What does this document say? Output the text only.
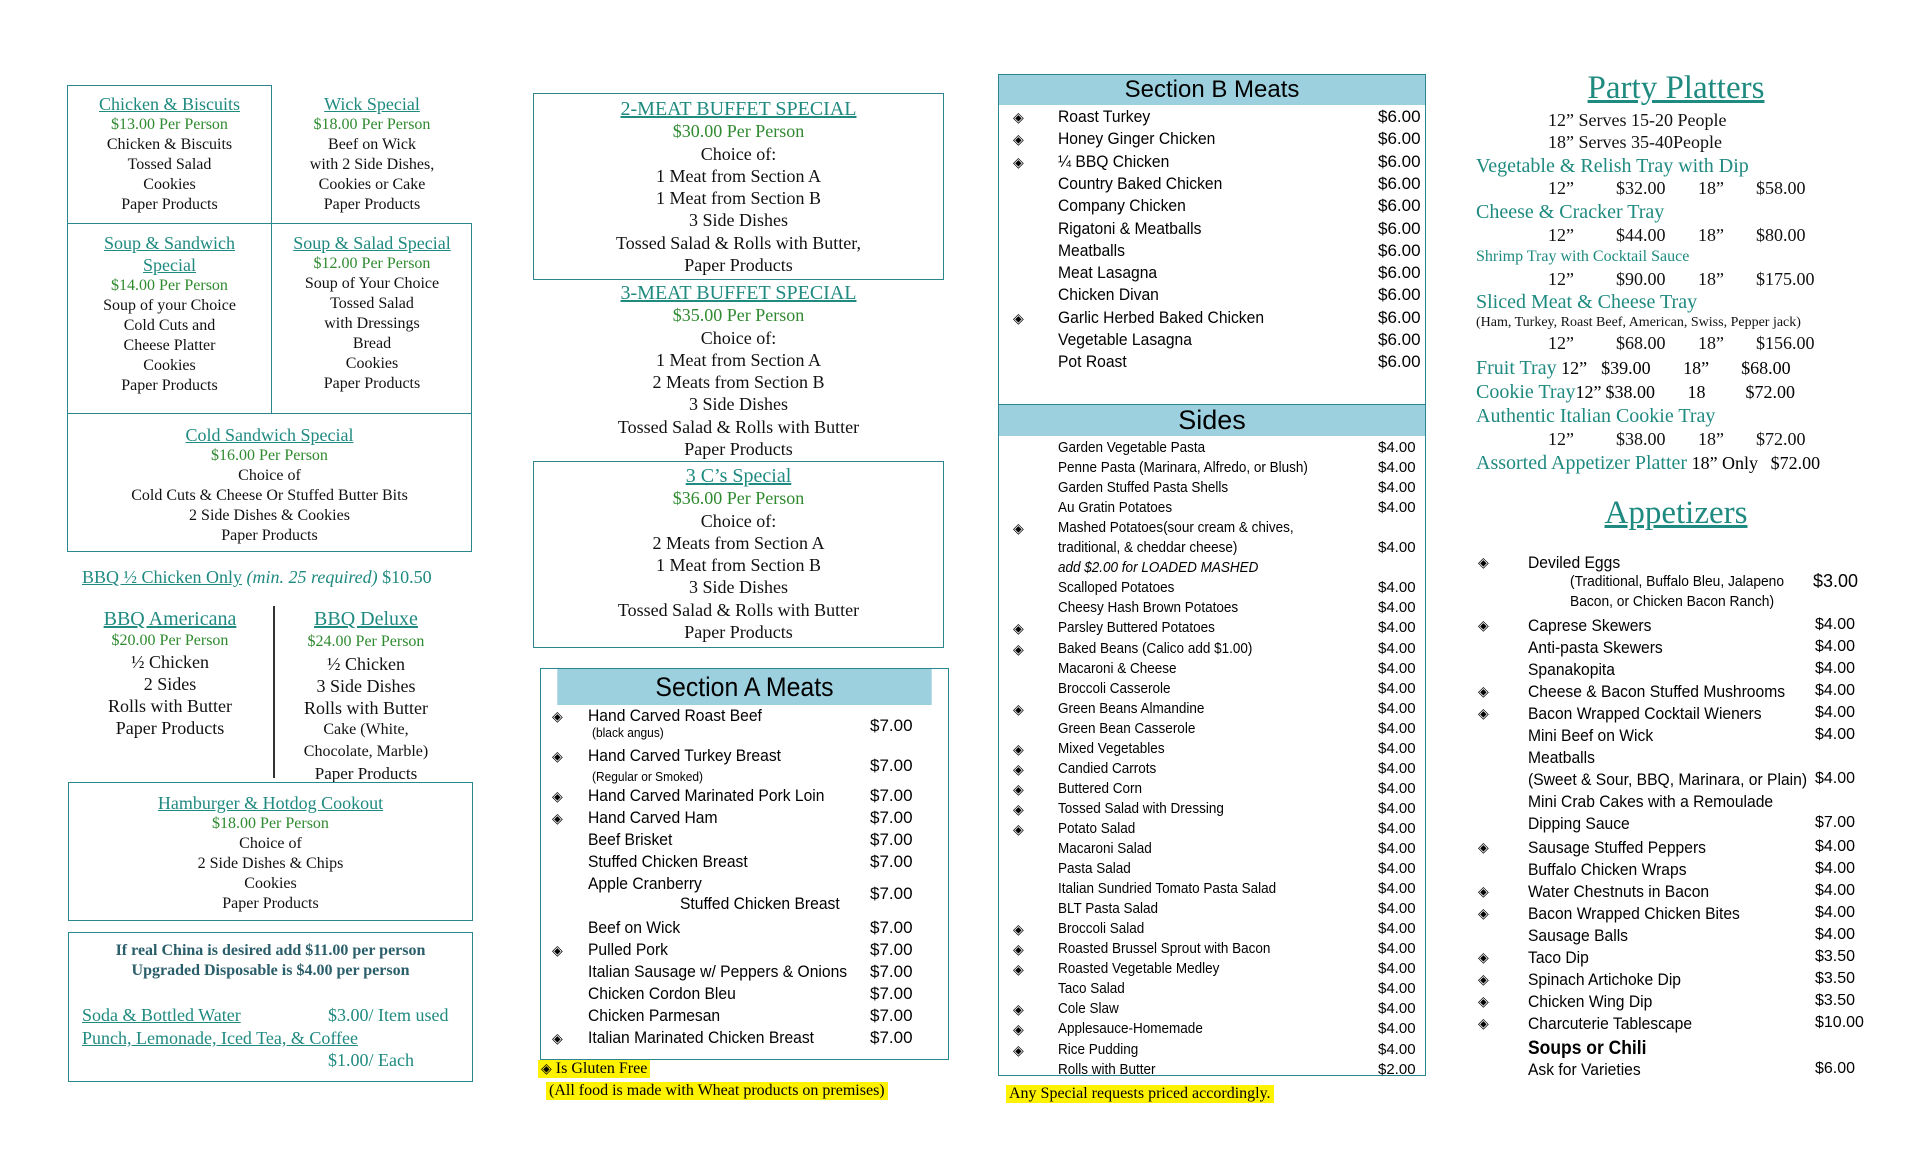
Chicken & Biscuits
$13.00 Per Person
Chicken & Biscuits
Tossed Salad
Cookies
Paper Products
Wick Special
$18.00 Per Person
Beef on Wick
with 2 Side Dishes,
Cookies or Cake
Paper Products
Soup & Sandwich
Special
$14.00 Per Person
Soup of your Choice
Cold Cuts and
Cheese Platter
Cookies
Paper Products
Soup & Salad Special
$12.00 Per Person
Soup of Your Choice
Tossed Salad
with Dressings
Bread
Cookies
Paper Products
Cold Sandwich Special
$16.00 Per Person
Choice of
Cold Cuts & Cheese Or Stuffed Butter Bits
2 Side Dishes & Cookies
Paper Products
BBQ ½ Chicken Only (min. 25 required) $10.50
BBQ Americana
$20.00 Per Person
½ Chicken
2 Sides
Rolls with Butter
Paper Products
BBQ Deluxe
$24.00 Per Person
½ Chicken
3 Side Dishes
Rolls with Butter
Cake (White,
Chocolate, Marble)
Paper Products
Hamburger & Hotdog Cookout
$18.00 Per Person
Choice of
2 Side Dishes & Chips
Cookies
Paper Products
If real China is desired add $11.00 per person
Upgraded Disposable is $4.00 per person
Soda & Bottled Water	$3.00/ Item used
Punch, Lemonade, Iced Tea, & Coffee
$1.00/ Each
2-MEAT BUFFET SPECIAL
$30.00 Per Person
Choice of:
1 Meat from Section A
1 Meat from Section B
3 Side Dishes
Tossed Salad & Rolls with Butter,
Paper Products
3-MEAT BUFFET SPECIAL
$35.00 Per Person
Choice of:
1 Meat from Section A
2 Meats from Section B
3 Side Dishes
Tossed Salad & Rolls with Butter
Paper Products
3 C’s Special
$36.00 Per Person
Choice of:
2 Meats from Section A
1 Meat from Section B
3 Side Dishes
Tossed Salad & Rolls with Butter
Paper Products
Section A Meats
◈ Hand Carved Roast Beef
(black angus)	$7.00
◈ Hand Carved Turkey Breast
(Regular or Smoked)
$7.00
◈ Hand Carved Marinated Pork Loin	$7.00
◈ Hand Carved Ham	$7.00
Beef Brisket	$7.00
Stuffed Chicken Breast	$7.00
Apple Cranberry
Stuffed Chicken Breast
$7.00
Beef on Wick	$7.00
◈ Pulled Pork	$7.00
Italian Sausage w/ Peppers & Onions $7.00
Chicken Cordon Bleu	$7.00
Chicken Parmesan	$7.00
◈ Italian Marinated Chicken Breast	$7.00
◈ Is Gluten Free
(All food is made with Wheat products on premises)
Section B Meats
◈ Roast Turkey	$6.00
◈ Honey Ginger Chicken	$6.00
◈ ¼ BBQ Chicken	$6.00
Country Baked Chicken	$6.00
Company Chicken	$6.00
Rigatoni & Meatballs	$6.00
Meatballs	$6.00
Meat Lasagna	$6.00
Chicken Divan	$6.00
◈ Garlic Herbed Baked Chicken	$6.00
Vegetable Lasagna	$6.00
Pot Roast	$6.00
Sides
Garden Vegetable Pasta	$4.00
Penne Pasta (Marinara, Alfredo, or Blush)	$4.00
Garden Stuffed Pasta Shells	$4.00
Au Gratin Potatoes	$4.00
◈ Mashed Potatoes(sour cream & chives,
traditional, & cheddar cheese)	$4.00
add $2.00 for LOADED MASHED
Scalloped Potatoes	$4.00
Cheesy Hash Brown Potatoes	$4.00
◈ Parsley Buttered Potatoes	$4.00
◈ Baked Beans (Calico add $1.00)	$4.00
Macaroni & Cheese	$4.00
Broccoli Casserole	$4.00
◈ Green Beans Almandine	$4.00
Green Bean Casserole	$4.00
◈ Mixed Vegetables	$4.00
◈ Candied Carrots	$4.00
◈ Buttered Corn	$4.00
◈ Tossed Salad with Dressing	$4.00
◈ Potato Salad	$4.00
Macaroni Salad	$4.00
Pasta Salad	$4.00
Italian Sundried Tomato Pasta Salad	$4.00
BLT Pasta Salad	$4.00
◈ Broccoli Salad	$4.00
◈ Roasted Brussel Sprout with Bacon	$4.00
◈ Roasted Vegetable Medley	$4.00
Taco Salad	$4.00
◈ Cole Slaw	$4.00
◈ Applesauce-Homemade	$4.00
◈ Rice Pudding	$4.00
Rolls with Butter	$2.00
Any Special requests priced accordingly.
Party Platters
12” Serves 15-20 People
18” Serves 35-40People
Vegetable & Relish Tray with Dip
12” $32.00 18” $58.00
Cheese & Cracker Tray
12” $44.00 18” $80.00
Shrimp Tray with Cocktail Sauce
12” $90.00 18” $175.00
Sliced Meat & Cheese Tray
(Ham, Turkey, Roast Beef, American, Swiss, Pepper jack)
12” $68.00 18” $156.00
Fruit Tray 12” $39.00 18” $68.00
Cookie Tray12” $38.00 18 $72.00
Authentic Italian Cookie Tray
12” $38.00 18” $72.00
Assorted Appetizer Platter 18” Only $72.00
Appetizers
◈ Deviled Eggs
(Traditional, Buffalo Bleu, Jalapeno $3.00
Bacon, or Chicken Bacon Ranch)
◈ Caprese Skewers	$4.00
Anti-pasta Skewers	$4.00
Spanakopita	$4.00
◈ Cheese & Bacon Stuffed Mushrooms $4.00
◈ Bacon Wrapped Cocktail Wieners	$4.00
Mini Beef on Wick	$4.00
Meatballs
(Sweet & Sour, BBQ, Marinara, or Plain) $4.00
Mini Crab Cakes with a Remoulade
Dipping Sauce	$7.00
◈ Sausage Stuffed Peppers	$4.00
Buffalo Chicken Wraps	$4.00
◈ Water Chestnuts in Bacon	$4.00
◈ Bacon Wrapped Chicken Bites	$4.00
Sausage Balls	$4.00
◈ Taco Dip	$3.50
◈ Spinach Artichoke Dip	$3.50
◈ Chicken Wing Dip	$3.50
◈ Charcuterie Tablescape	$10.00
Soups or Chili
Ask for Varieties	$6.00
